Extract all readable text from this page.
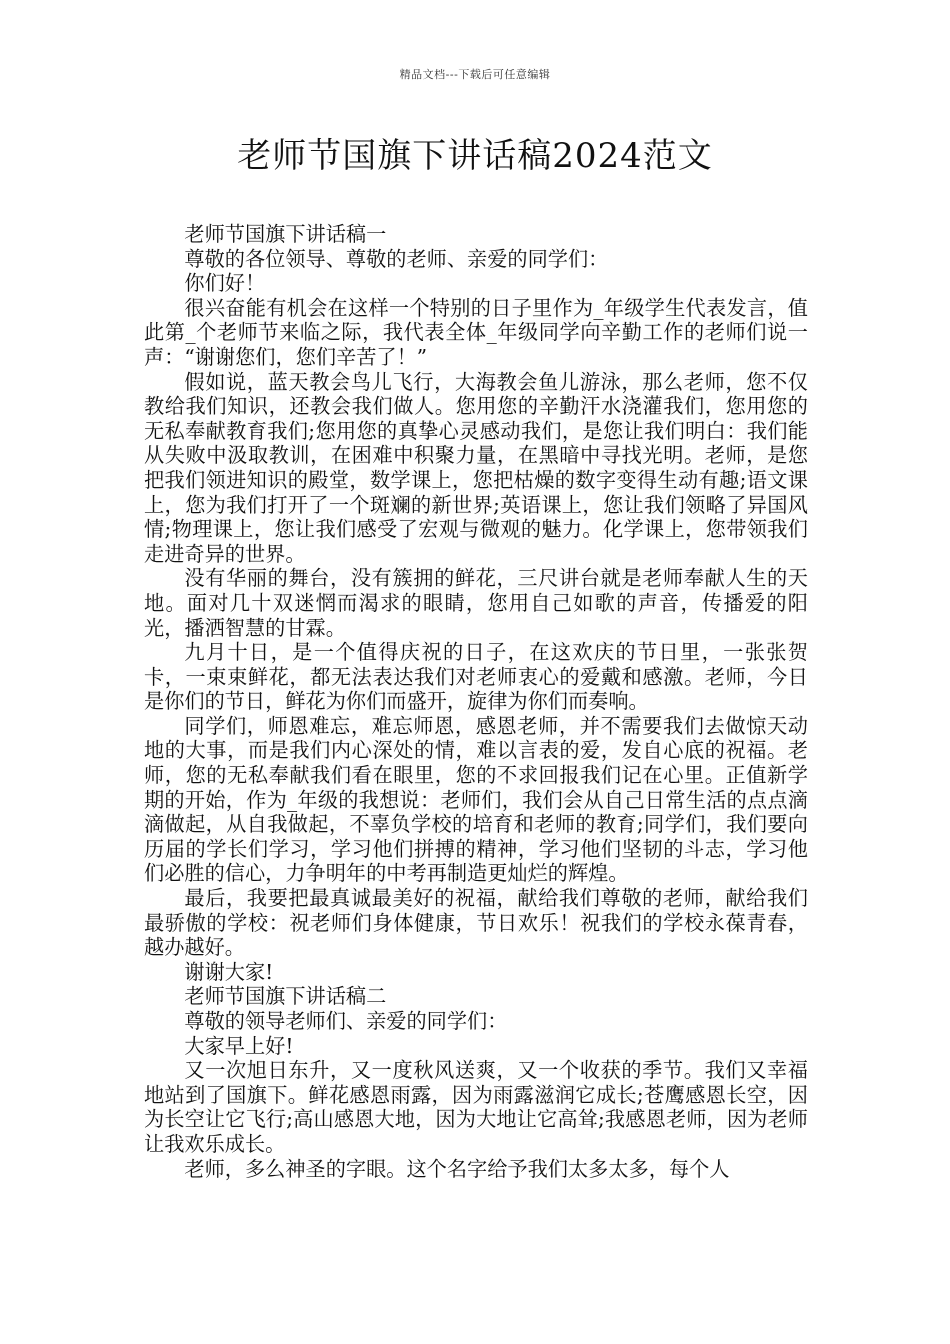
精品文档---下载后可任意编辑
老师节国旗下讲话稿2024范文

老师节国旗下讲话稿一

尊敬的各位领导、尊敬的老师、亲爱的同学们：

你们好！

很兴奋能有机会在这样一个特别的日子里作为_年级学生代表发言，值此第_个老师节来临之际，我代表全体_年级同学向辛勤工作的老师们说一声：“谢谢您们，您们辛苦了！”

假如说，蓝天教会鸟儿飞行，大海教会鱼儿游泳，那么老师，您不仅教给我们知识，还教会我们做人。您用您的辛勤汗水浇灌我们，您用您的无私奉献教育我们;您用您的真挚心灵感动我们，是您让我们明白：我们能从失败中汲取教训，在困难中积聚力量，在黑暗中寻找光明。老师，是您把我们领进知识的殿堂，数学课上，您把枯燥的数字变得生动有趣;语文课上，您为我们打开了一个斑斓的新世界;英语课上，您让我们领略了异国风情;物理课上，您让我们感受了宏观与微观的魅力。化学课上，您带领我们走进奇异的世界。

没有华丽的舞台，没有簇拥的鲜花，三尺讲台就是老师奉献人生的天地。面对几十双迷惘而渴求的眼睛，您用自己如歌的声音，传播爱的阳光，播洒智慧的甘霖。

九月十日，是一个值得庆祝的日子，在这欢庆的节日里，一张张贺卡，一束束鲜花，都无法表达我们对老师衷心的爱戴和感激。老师，今日是你们的节日，鲜花为你们而盛开，旋律为你们而奏响。

同学们，师恩难忘，难忘师恩，感恩老师，并不需要我们去做惊天动地的大事，而是我们内心深处的情，难以言表的爱，发自心底的祝福。老师，您的无私奉献我们看在眼里，您的不求回报我们记在心里。正值新学期的开始，作为_年级的我想说：老师们，我们会从自己日常生活的点点滴滴做起，从自我做起，不辜负学校的培育和老师的教育;同学们，我们要向历届的学长们学习，学习他们拼搏的精神，学习他们坚韧的斗志，学习他们必胜的信心，力争明年的中考再制造更灿烂的辉煌。

最后，我要把最真诚最美好的祝福，献给我们尊敬的老师，献给我们最骄傲的学校：祝老师们身体健康，节日欢乐！祝我们的学校永葆青春，越办越好。

谢谢大家!

老师节国旗下讲话稿二

尊敬的领导老师们、亲爱的同学们：

大家早上好!

又一次旭日东升，又一度秋风送爽，又一个收获的季节。我们又幸福地站到了国旗下。鲜花感恩雨露，因为雨露滋润它成长;苍鹰感恩长空，因为长空让它飞行;高山感恩大地，因为大地让它高耸;我感恩老师，因为老师让我欢乐成长。

老师，多么神圣的字眼。这个名字给予我们太多太多，每个人
